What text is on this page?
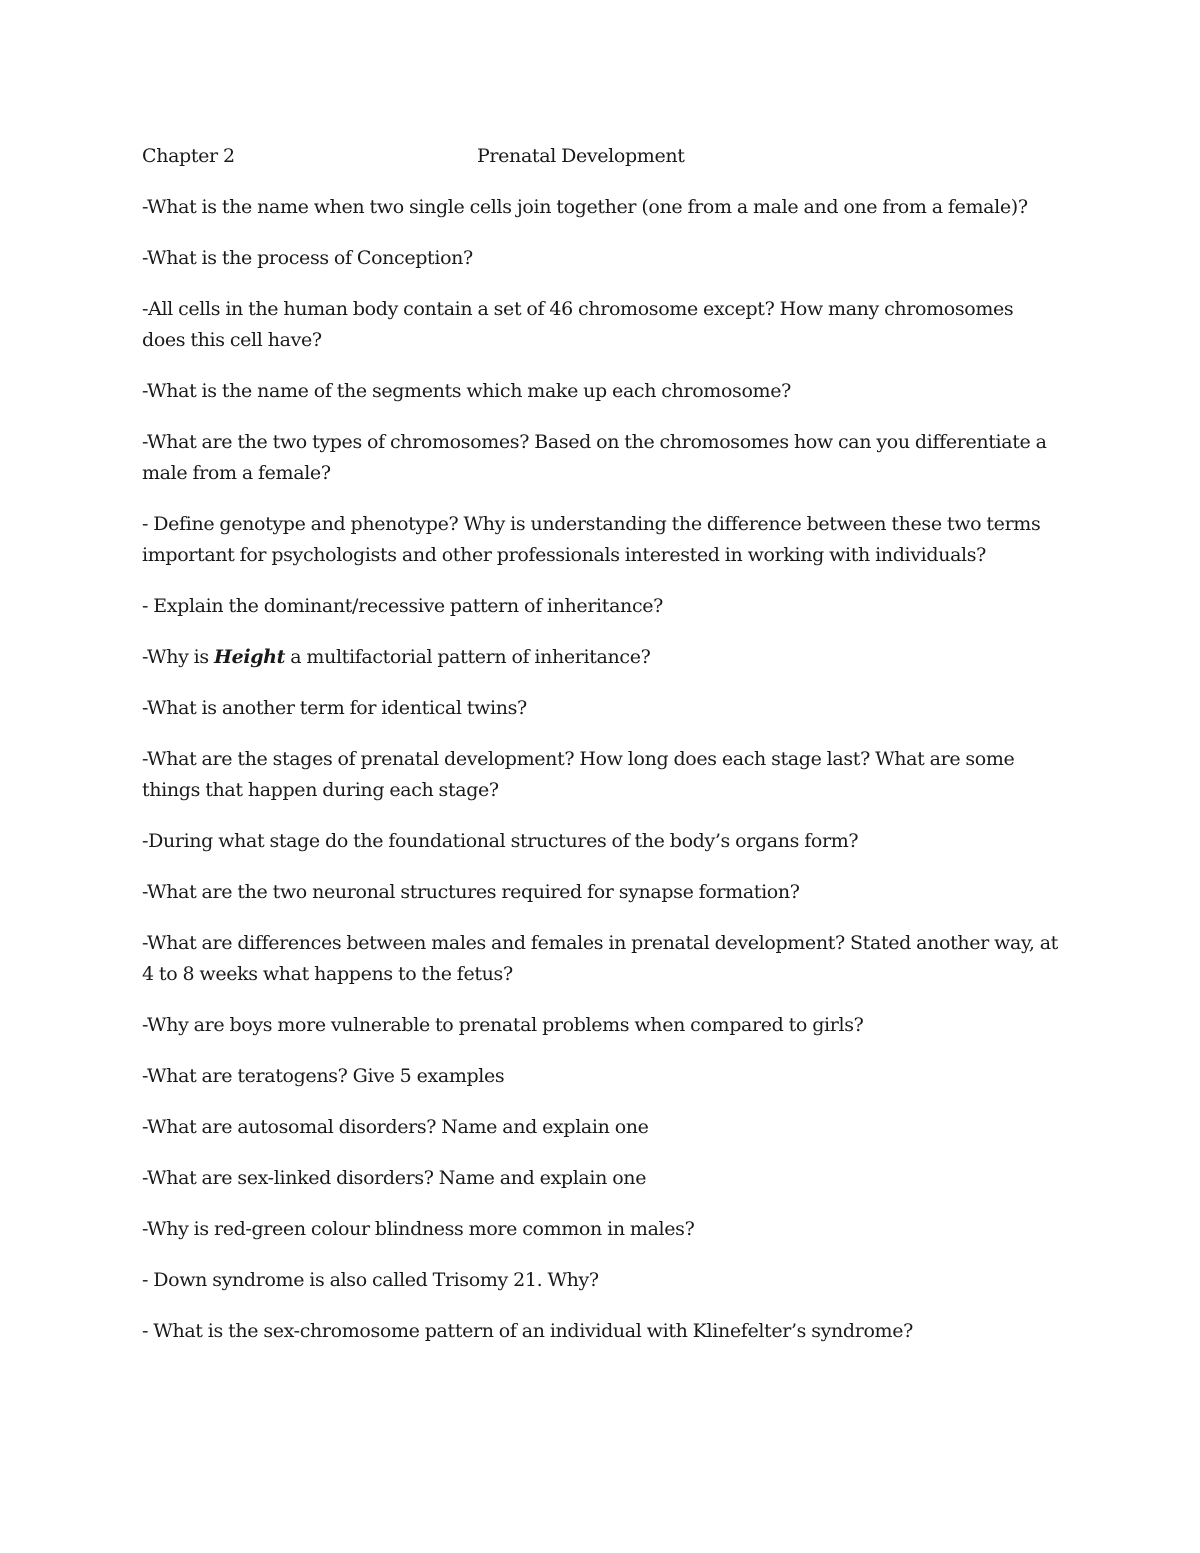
Chapter 2	Prenatal Development

-What is the name when two single cells join together (one from a male and one from a female)?

-What is the process of Conception?

-All cells in the human body contain a set of 46 chromosome except? How many chromosomes does this cell have?

-What is the name of the segments which make up each chromosome?

-What are the two types of chromosomes? Based on the chromosomes how can you differentiate a male from a female?

- Define genotype and phenotype? Why is understanding the difference between these two terms important for psychologists and other professionals interested in working with individuals?

- Explain the dominant/recessive pattern of inheritance?

-Why is Height a multifactorial pattern of inheritance?

-What is another term for identical twins?

-What are the stages of prenatal development? How long does each stage last? What are some things that happen during each stage?

-During what stage do the foundational structures of the body’s organs form?

-What are the two neuronal structures required for synapse formation?

-What are differences between males and females in prenatal development? Stated another way, at 4 to 8 weeks what happens to the fetus?

-Why are boys more vulnerable to prenatal problems when compared to girls?

-What are teratogens? Give 5 examples

-What are autosomal disorders? Name and explain one

-What are sex-linked disorders? Name and explain one

-Why is red-green colour blindness more common in males?

- Down syndrome is also called Trisomy 21. Why?

- What is the sex-chromosome pattern of an individual with Klinefelter’s syndrome?
